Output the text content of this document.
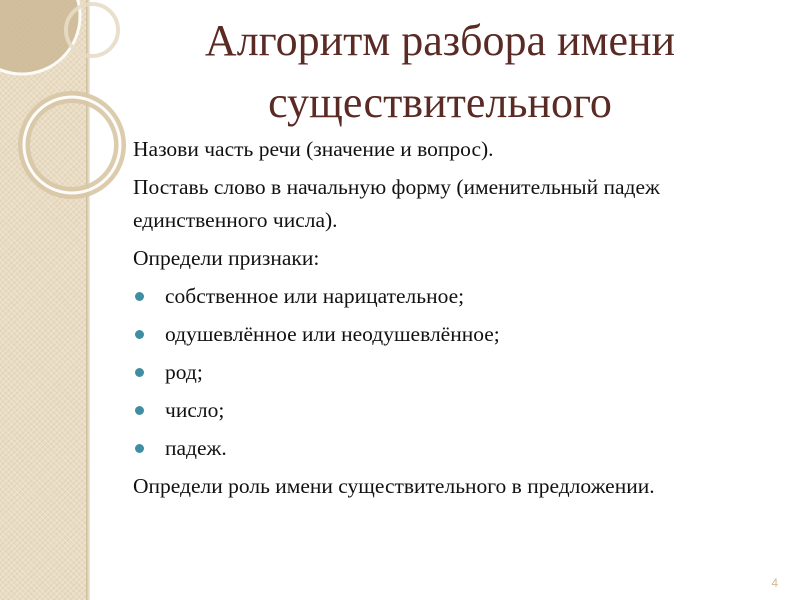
Алгоритм разбора имени существительного

Назови часть речи (значение и вопрос).

Поставь слово в начальную форму (именительный падеж единственного числа).

Определи признаки:

собственное или нарицательное;
одушевлённое или неодушевлённое;
род;
число;
падеж.

Определи роль имени существительного в предложении.

4
